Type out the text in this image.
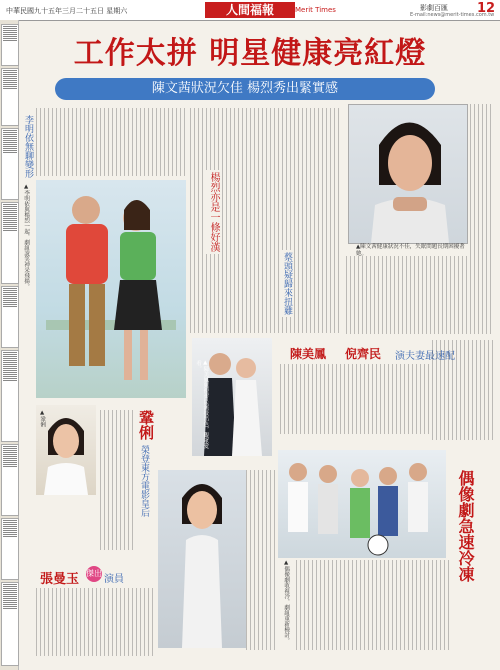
中華民國九十五年三月二十五日 星期六	人間福報	Merit Times	影劇百匯 12
E-mail:news@merit-times.com.tw
工作太拼 明星健康亮紅燈
陳文茜狀況欠佳 楊烈秀出緊實感
李明依無聊變形
▲李明依與楊烈一起，劇組說笑神采飛揚。	楊烈亦是一條好漢
蔡頭疑歸來扭雞
▲陳文茜健康狀況不佳，失眠問題長期困擾著她。
▲陳美鳳與倪齊民演技出色，觀眾愛看。
陳美鳳 倪齊民 演夫妻最速配
▲鞏俐	鞏俐
榮登東方電影皇后
張曼玉 傑出
演員	偶像劇急速冷凍
▲偶像劇收視冷，劇組重新檢討。
